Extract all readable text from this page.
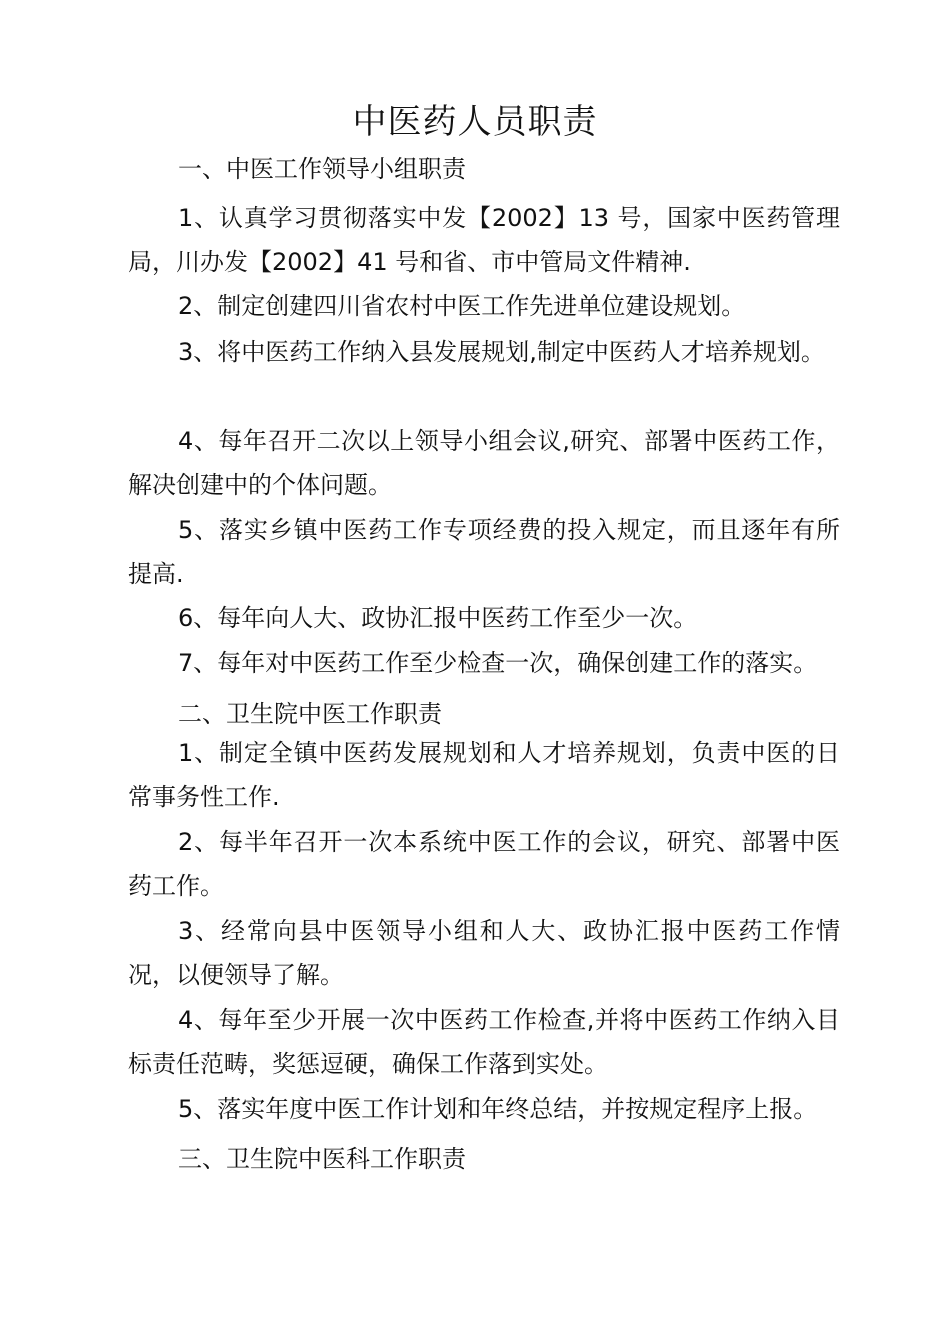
中医药人员职责
一、中医工作领导小组职责
1、认真学习贯彻落实中发【2002】13 号，国家中医药管理局，川办发【2002】41 号和省、市中管局文件精神.
2、制定创建四川省农村中医工作先进单位建设规划。
3、将中医药工作纳入县发展规划,制定中医药人才培养规划。
4、每年召开二次以上领导小组会议,研究、部署中医药工作，解决创建中的个体问题。
5、落实乡镇中医药工作专项经费的投入规定，而且逐年有所提高.
6、每年向人大、政协汇报中医药工作至少一次。
7、每年对中医药工作至少检查一次，确保创建工作的落实。
二、卫生院中医工作职责
1、制定全镇中医药发展规划和人才培养规划，负责中医的日常事务性工作.
2、每半年召开一次本系统中医工作的会议，研究、部署中医药工作。
3、经常向县中医领导小组和人大、政协汇报中医药工作情况，以便领导了解。
4、每年至少开展一次中医药工作检查,并将中医药工作纳入目标责任范畴，奖惩逗硬，确保工作落到实处。
5、落实年度中医工作计划和年终总结，并按规定程序上报。
三、卫生院中医科工作职责
